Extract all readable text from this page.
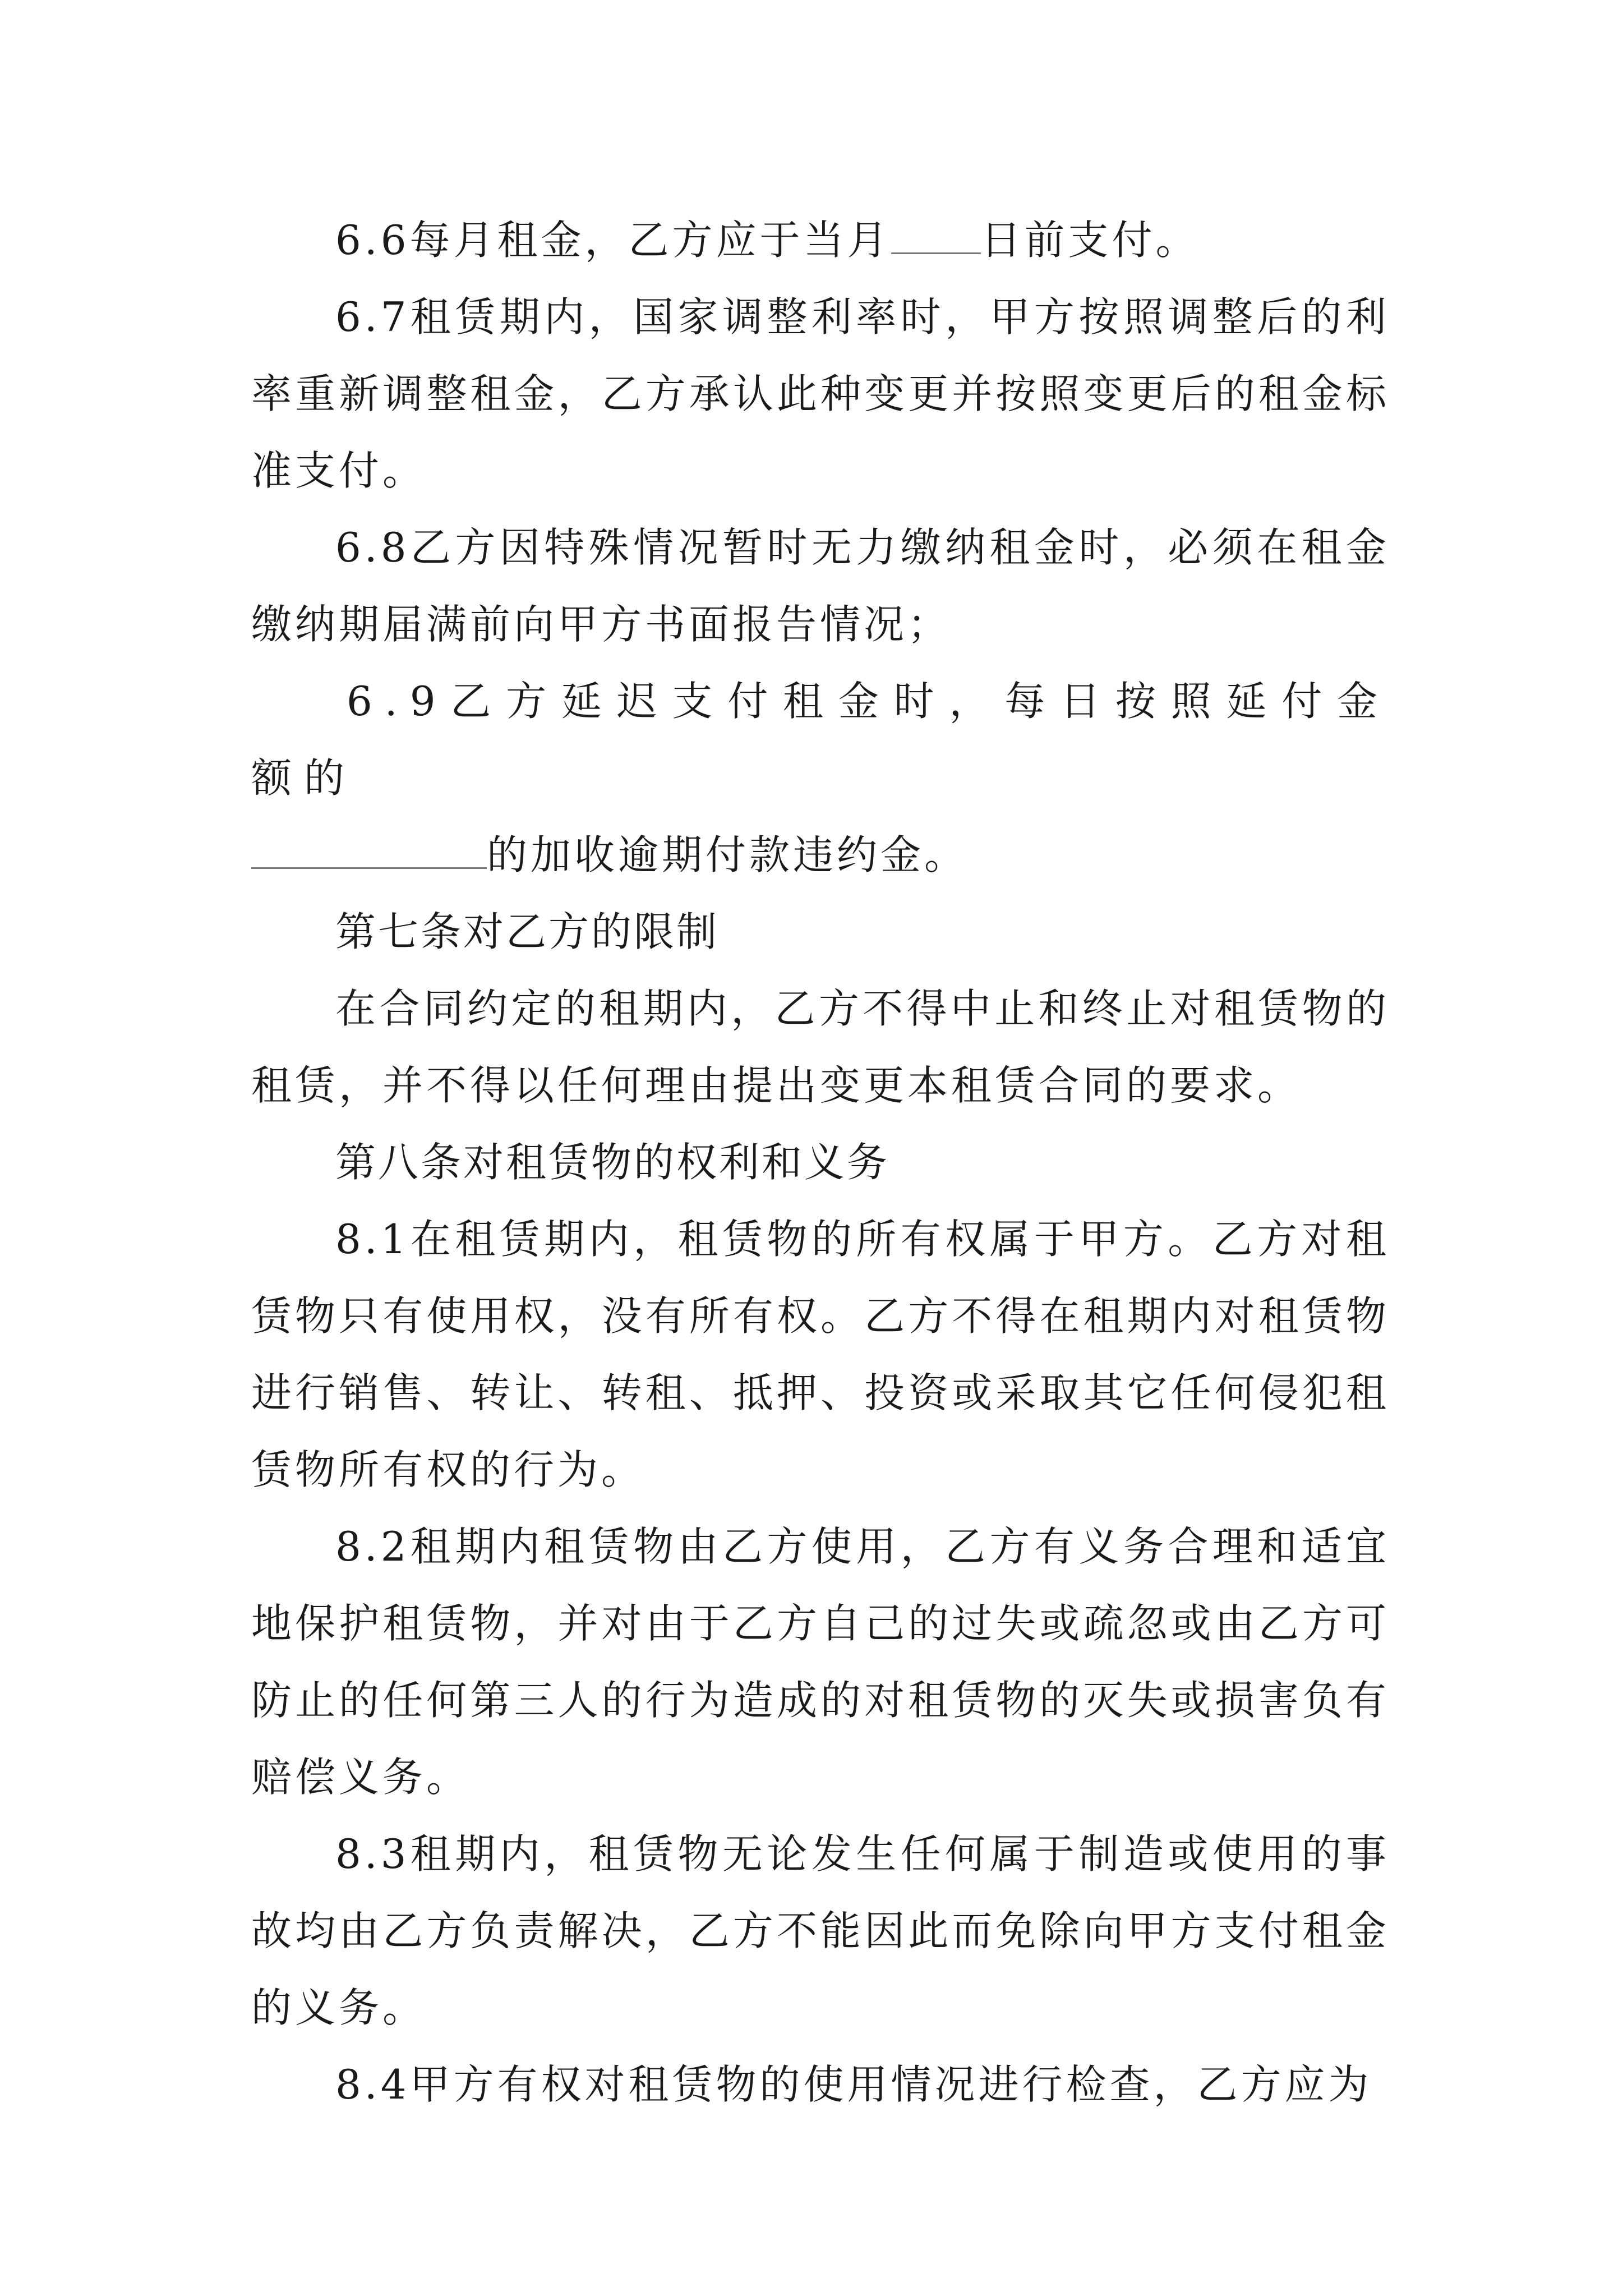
6.6每月租金，乙方应于当月 日前支付。

6.7租赁期内，国家调整利率时，甲方按照调整后的利率重新调整租金，乙方承认此种变更并按照变更后的租金标准支付。

6.8乙方因特殊情况暂时无力缴纳租金时，必须在租金缴纳期届满前向甲方书面报告情况；

6.9乙方延迟支付租金时，每日按照延付金额的
的加收逾期付款违约金。

第七条对乙方的限制

在合同约定的租期内，乙方不得中止和终止对租赁物的租赁，并不得以任何理由提出变更本租赁合同的要求。

第八条对租赁物的权利和义务

8.1在租赁期内，租赁物的所有权属于甲方。乙方对租赁物只有使用权，没有所有权。乙方不得在租期内对租赁物进行销售、转让、转租、抵押、投资或采取其它任何侵犯租赁物所有权的行为。

8.2租期内租赁物由乙方使用，乙方有义务合理和适宜地保护租赁物，并对由于乙方自己的过失或疏忽或由乙方可防止的任何第三人的行为造成的对租赁物的灭失或损害负有赔偿义务。

8.3租期内，租赁物无论发生任何属于制造或使用的事故均由乙方负责解决，乙方不能因此而免除向甲方支付租金的义务。

8.4甲方有权对租赁物的使用情况进行检查，乙方应为
